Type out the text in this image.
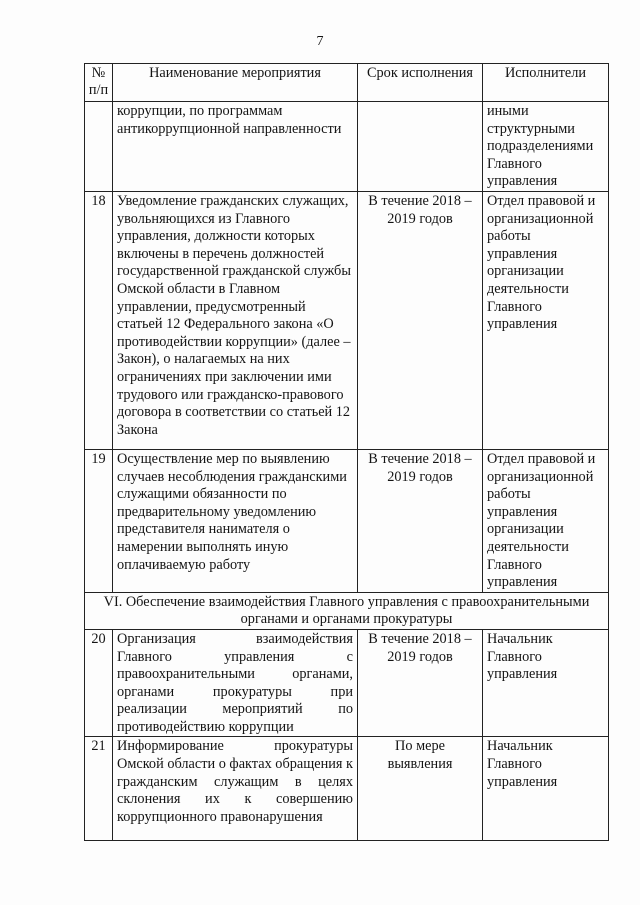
7
№ п/п	Наименование мероприятия	Срок исполнения	Исполнители
	коррупции, по программам антикоррупционной направленности		иными структурными подразделениями Главного управления
18	Уведомление гражданских служащих, увольняющихся из Главного управления, должности которых включены в перечень должностей государственной гражданской службы Омской области в Главном управлении, предусмотренный статьей 12 Федерального закона «О противодействии коррупции» (далее – Закон), о налагаемых на них ограничениях при заключении ими трудового или гражданско-правового договора в соответствии со статьей 12 Закона	В течение 2018 – 2019 годов	Отдел правовой и организационной работы управления организации деятельности Главного управления
19	Осуществление мер по выявлению случаев несоблюдения гражданскими служащими обязанности по предварительному уведомлению представителя нанимателя о намерении выполнять иную оплачиваемую работу	В течение 2018 – 2019 годов	Отдел правовой и организационной работы управления организации деятельности Главного управления
VI. Обеспечение взаимодействия Главного управления с правоохранительными органами и органами прокуратуры			
20	Организация взаимодействия Главного управления с правоохранительными органами, органами прокуратуры при реализации мероприятий по противодействию коррупции	В течение 2018 – 2019 годов	Начальник Главного управления
21	Информирование прокуратуры Омской области о фактах обращения к гражданским служащим в целях склонения их к совершению коррупционного правонарушения	По мере выявления	Начальник Главного управления
